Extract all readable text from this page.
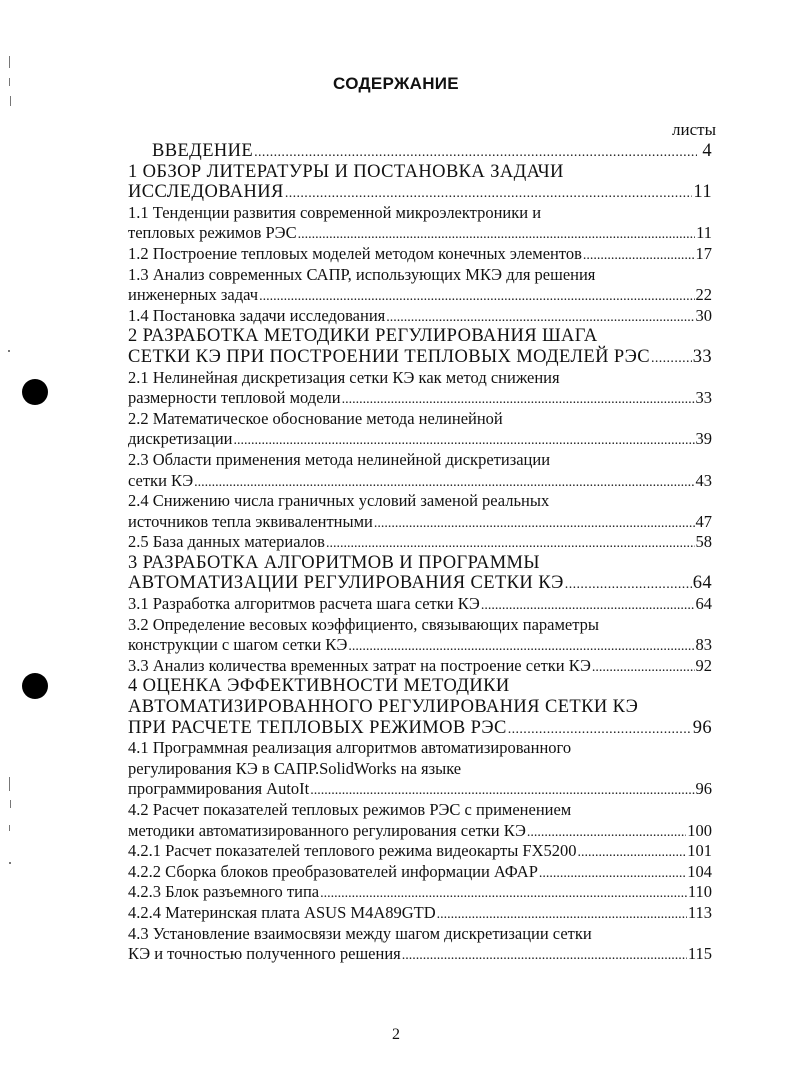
СОДЕРЖАНИЕ
листы
ВВЕДЕНИЕ .....	4
1 ОБЗОР ЛИТЕРАТУРЫ И ПОСТАНОВКА ЗАДАЧИ
ИССЛЕДОВАНИЯ .....	11
1.1 Тенденции развития современной микроэлектроники и
тепловых режимов РЭС .....	11
1.2 Построение тепловых моделей методом конечных элементов .....	17
1.3 Анализ современных САПР, использующих МКЭ для решения
инженерных задач .....	22
1.4 Постановка задачи исследования .....	30
2 РАЗРАБОТКА МЕТОДИКИ РЕГУЛИРОВАНИЯ ШАГА
СЕТКИ КЭ ПРИ ПОСТРОЕНИИ ТЕПЛОВЫХ МОДЕЛЕЙ РЭС ..... 33
2.1 Нелинейная дискретизация сетки КЭ как метод снижения
размерности тепловой модели .....	33
2.2 Математическое обоснование метода нелинейной
дискретизации .....	39
2.3 Области применения метода нелинейной дискретизации
сетки КЭ .....	43
2.4 Снижению числа граничных условий заменой реальных
источников тепла эквивалентными .....	47
2.5 База данных материалов .....	58
3 РАЗРАБОТКА АЛГОРИТМОВ И ПРОГРАММЫ
АВТОМАТИЗАЦИИ РЕГУЛИРОВАНИЯ СЕТКИ КЭ .....	64
3.1 Разработка алгоритмов расчета шага сетки КЭ .....	64
3.2 Определение весовых коэффициенто, связывающих параметры
конструкции с шагом сетки КЭ .....	83
3.3 Анализ количества временных затрат на построение сетки КЭ .....	92
4 ОЦЕНКА ЭФФЕКТИВНОСТИ МЕТОДИКИ
АВТОМАТИЗИРОВАННОГО РЕГУЛИРОВАНИЯ СЕТКИ КЭ
ПРИ РАСЧЕТЕ ТЕПЛОВЫХ РЕЖИМОВ РЭС .....	96
4.1 Программная реализация алгоритмов автоматизированного
регулирования КЭ в САПР.SolidWorks на языке
программирования AutoIt .....	96
4.2 Расчет показателей тепловых режимов РЭС с применением
методики автоматизированного регулирования сетки КЭ .....	100
4.2.1 Расчет показателей теплового режима видеокарты FX5200 .....	101
4.2.2 Сборка блоков преобразователей информации АФАР .....	104
4.2.3 Блок разъемного типа .....	110
4.2.4 Материнская плата ASUS M4A89GTD .....	113
4.3 Установление взаимосвязи между шагом дискретизации сетки
КЭ и точностью полученного решения .....	115
2
